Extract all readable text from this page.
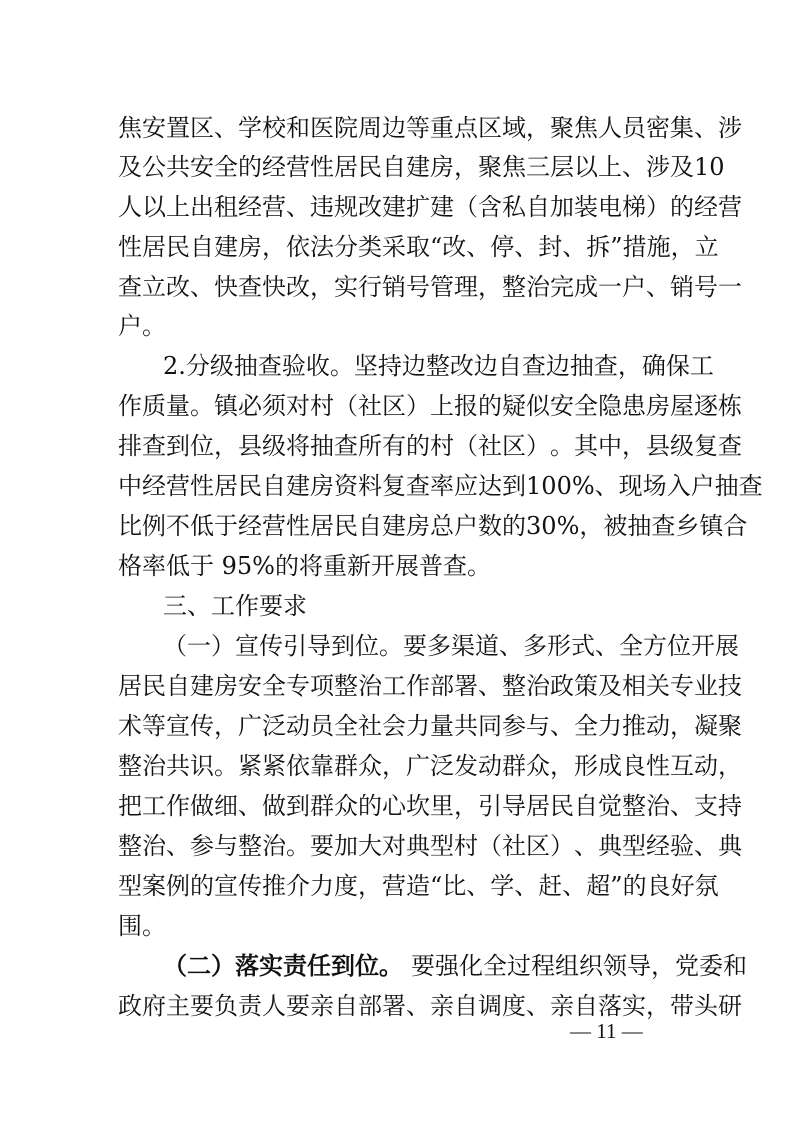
焦 安 置 区 、 学 校 和 医 院 周 边 等 重 点 区 域 ， 聚 焦 人 员 密 集 、 涉
及 公 共 安 全 的 经 营 性 居 民 自 建 房 ， 聚 焦 三 层 以 上 、 涉 及 1 0
人 以 上 出 租 经 营 、 违 规 改 建 扩 建 （ 含 私 自 加 装 电 梯 ） 的 经 营
性 居 民 自 建 房 ， 依 法 分 类 采 取 “ 改 、 停 、 封 、 拆 ” 措 施 ， 立
查 立 改 、 快 查 快 改 ， 实 行 销 号 管 理 ， 整 治 完 成 一 户 、 销 号 一
户。
2 . 分 级 抽 查 验 收 。 坚 持 边 整 改 边 自 查 边 抽 查 ， 确 保 工
作 质 量 。 镇 必 须 对 村 （ 社 区 ） 上 报 的 疑 似 安 全 隐 患 房 屋 逐 栋
排 查 到 位 ， 县 级 将 抽 查 所 有 的 村 （ 社 区 ） 。 其 中 ， 县 级 复 查
中 经 营 性 居 民 自 建 房 资 料 复 查 率 应 达 到 1 0 0 % 、 现 场 入 户 抽 查
比 例 不 低 于 经 营 性 居 民 自 建 房 总 户 数 的 3 0 % ， 被 抽 查 乡 镇 合
格率低于 95%的将重新开展普查。
三、工作要求
（ 一 ） 宣 传 引 导 到 位 。 要 多 渠 道 、 多 形 式 、 全 方 位 开 展
居 民 自 建 房 安 全 专 项 整 治 工 作 部 署 、 整 治 政 策 及 相 关 专 业 技
术 等 宣 传 ， 广 泛 动 员 全 社 会 力 量 共 同 参 与 、 全 力 推 动 ， 凝 聚
整 治 共 识 。 紧 紧 依 靠 群 众 ， 广 泛 发 动 群 众 ， 形 成 良 性 互 动 ，
把 工 作 做 细 、 做 到 群 众 的 心 坎 里 ， 引 导 居 民 自 觉 整 治 、 支 持
整 治 、 参 与 整 治 。 要 加 大 对 典 型 村 （ 社 区 ） 、 典 型 经 验 、 典
型 案 例 的 宣 传 推 介 力 度 ， 营 造 “ 比 、 学 、 赶 、 超 ” 的 良 好 氛
围。
（二）落实责任到位。 要 强 化 全 过 程 组 织 领 导 ， 党 委 和
政 府 主 要 负 责 人 要 亲 自 部 署 、 亲 自 调 度 、 亲 自 落 实 ， 带 头 研
— 11 —
